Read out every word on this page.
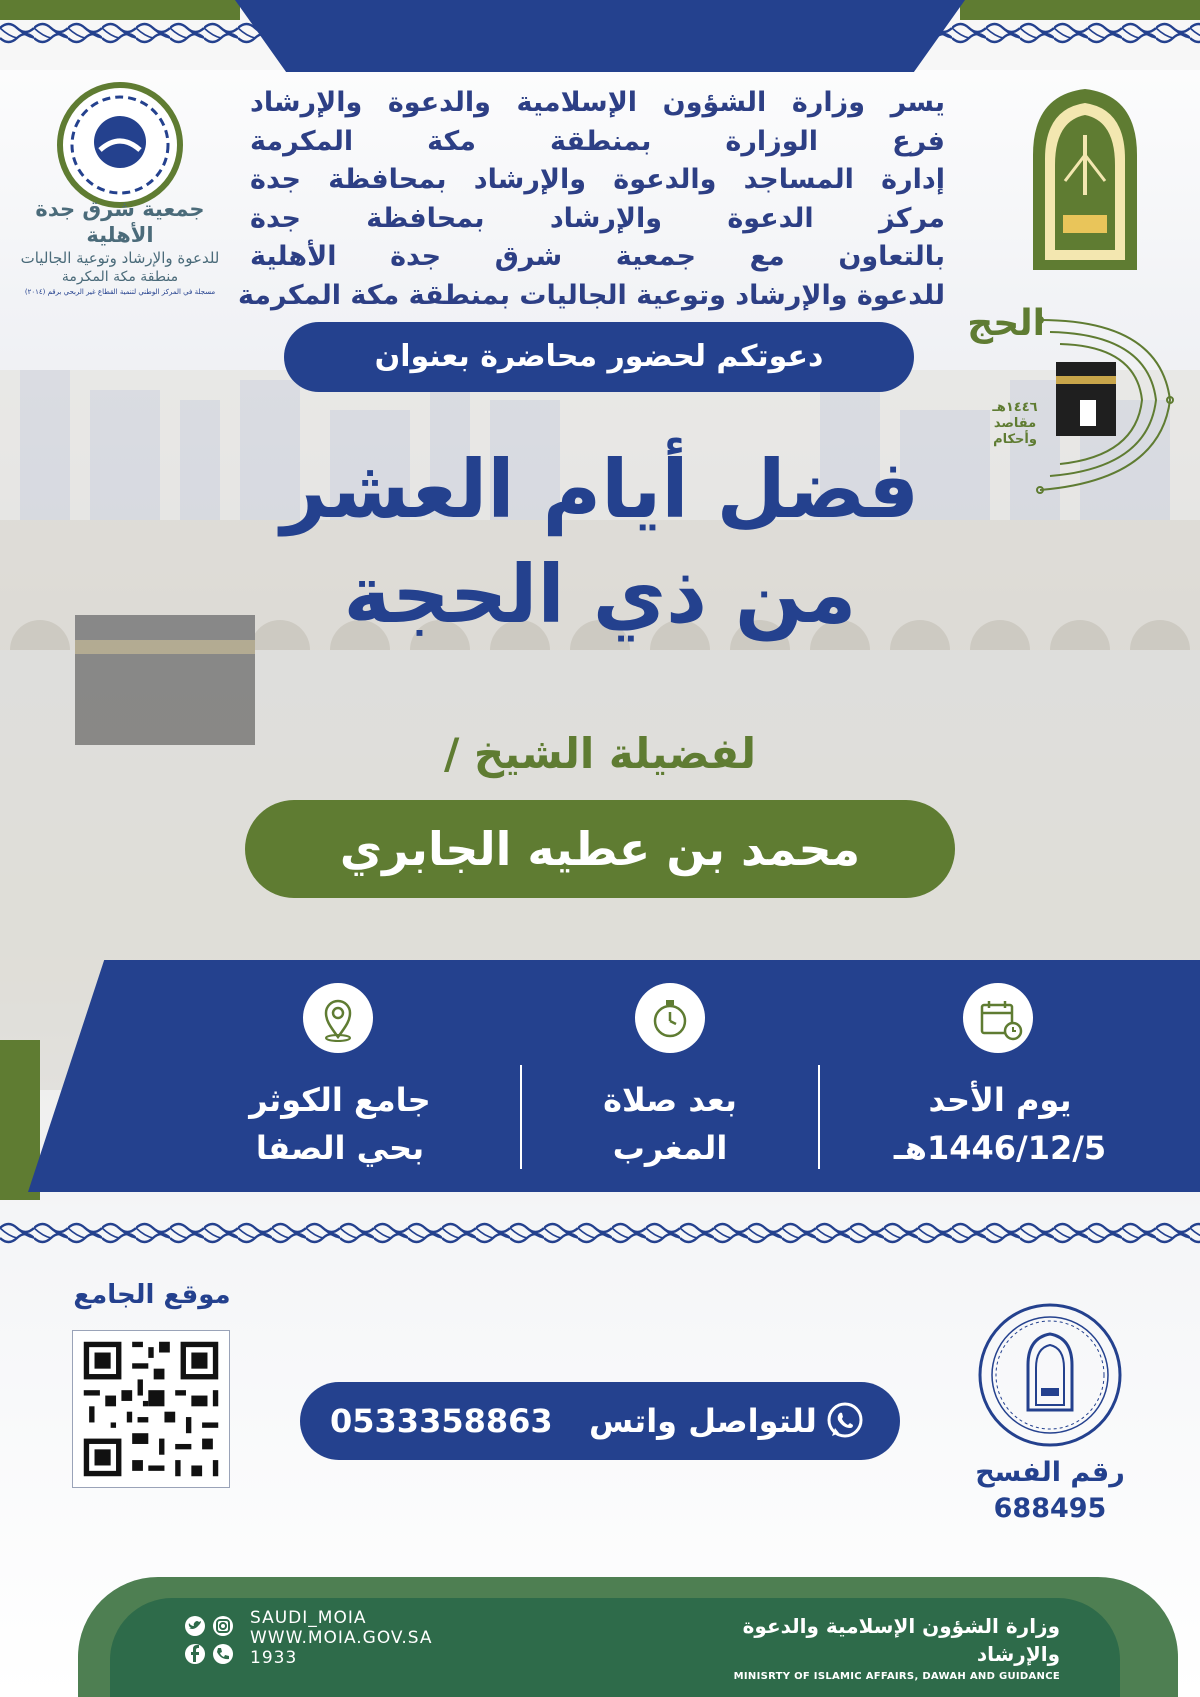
جمعية شرق جدة الأهلية
للدعوة والإرشاد وتوعية الجاليات
منطقة مكة المكرمة
مسجلة في المركز الوطني لتنمية القطاع غير الربحي برقم (٢٠١٤)
الحج
١٤٤٦هـ
مقاصد
وأحكام
يسر وزارة الشؤون الإسلامية والدعوة والإرشاد
فرع الوزارة بمنطقة مكة المكرمة
إدارة المساجد والدعوة والإرشاد بمحافظة جدة
مركز الدعوة والإرشاد بمحافظة جدة
بالتعاون مع جمعية شرق جدة الأهلية
للدعوة والإرشاد وتوعية الجاليات بمنطقة مكة المكرمة
دعوتكم لحضور محاضرة بعنوان
فضل أيام العشر
من ذي الحجة
لفضيلة الشيخ /
محمد بن عطيه الجابري
يوم الأحد
1446/12/5هـ
بعد صلاة
المغرب
جامع الكوثر
بحي الصفا
موقع الجامع
0533358863 للتواصل واتس
رقم الفسح
688495
SAUDI_MOIA
WWW.MOIA.GOV.SA
1933
وزارة الشؤون الإسلامية والدعوة والإرشاد
MINISRTY OF ISLAMIC AFFAIRS, DAWAH AND GUIDANCE
